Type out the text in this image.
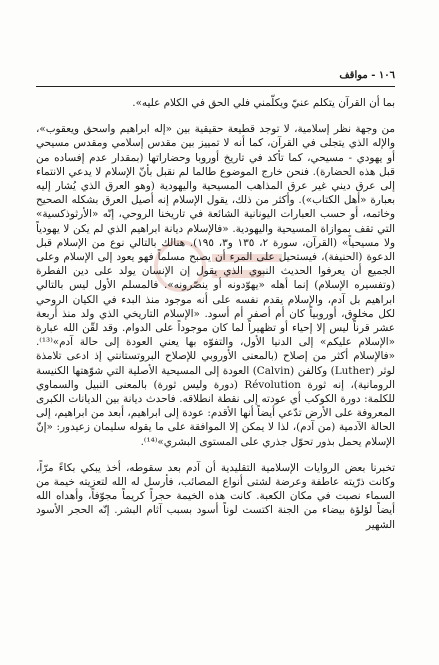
١٠٦ - مواقف

بما أن القرآن يتكلم عنيّ ويكلّمني فلي الحق في الكلام عليه».

من وجهة نظر إسلامية، لا توجد قطيعة حقيقية بين «إله ابراهيم واسحق ويعقوب»، والإله الذي يتجلى في القرآن، كما أنه لا تمييز بين مقدس إسلامي ومقدس مسيحي أو يهودي - مسيحي، كما تأكد في تاريخ أوروبا وحضاراتها (بمقدار عدم إفساده من قبل هذه الحضارة). فنحن خارج الموضوع طالما لم نقبل بأنّ الإسلام لا يدعي الانتماء إلى عرق ديني غير عرق المذاهب المسيحية واليهودية (وهو العرق الذي يُشار إليه بعبارة «أهل الكتاب»). وأكثر من ذلك، يقول الإسلام إنه أصيل العرق بشكله الصحيح وخاتمه، أو حسب العبارات اليونانية الشائعة في تاريخنا الروحي، إنّه «الأرثوذكسية» التي تقف بموازاة المسيحية واليهودية. «فالإسلام ديانة ابراهيم الذي لم يكن لا يهودياً ولا مسيحياً» (القرآن، سورة ٢، ١٣٥ و٣، ١٩٥). هنالك بالتالي نوع من الإسلام قبل الدعوة (الحنيفة)، فيستحيل على المرء أن يصبح مسلماً فهو يعود إلى الإسلام وعلى الجميع أن يعرفوا الحديث النبوي الذي يقول إن الإنسان يولد على دين الفطرة (وتفسيره الإسلام) إنما أهله «يهوّدونه أو ينصّرونه». فالمسلم الأول ليس بالتالي ابراهيم بل آدم، والإسلام يقدم نفسه على أنه موجود منذ البدء في الكيان الروحي لكل مخلوق، أوروبياً كان أم أصفر أم أسود. «الإسلام التاريخي الذي ولد منذ أربعة عشر قرناً ليس إلا إحياء أو تظهيراً لما كان موجوداً على الدوام. وقد لقّن الله عبارة «الإسلام عليكم» إلى الدنيا الأول، والتفوّه بها يعني العودة إلى حالة آدم»⁽¹³⁾. «فالإسلام أكثر من إصلاح (بالمعنى الأوروبي للإصلاح البروتستانتي إذ ادعى تلامذة لوثر (Luther) وكالفن (Calvin) العودة إلى المسيحية الأصلية التي شوّهتها الكنيسة الرومانية)، إنه ثورة Révolution (دورة وليس ثورة) بالمعنى النبيل والسماوي للكلمة: دورة الكوكب أي عودته إلى نقطة انطلاقه. فاحدث ديانة بين الديانات الكبرى المعروفة على الأرض تدّعي أيضاً أنها الأقدم: عودة إلى ابراهيم، أبعد من ابراهيم، إلى الحالة الآدمية (من آدم)، لذا لا يمكن إلا الموافقة على ما يقوله سليمان زعيدور: «إنّ الإسلام يحمل بذور تحوّل جذري على المستوى البشري»⁽¹⁴⁾.

تخبرنا بعض الروايات الإسلامية التقليدية أن آدم بعد سقوطه، أخذ يبكي بكاءً مرّاً، وكانت ذرّيته عاطفة وعرضة لشتى أنواع المصائب، فأرسل له الله لتعزيته خيمة من السماء نصبت في مكان الكعبة. كانت هذه الخيمة حجراً كريماً مجوّفاً، وأهداه الله أيضاً لؤلؤة بيضاء من الجنة اكتست لوناً أسود بسبب آثام البشر. إنّه الحجر الأسود الشهير
